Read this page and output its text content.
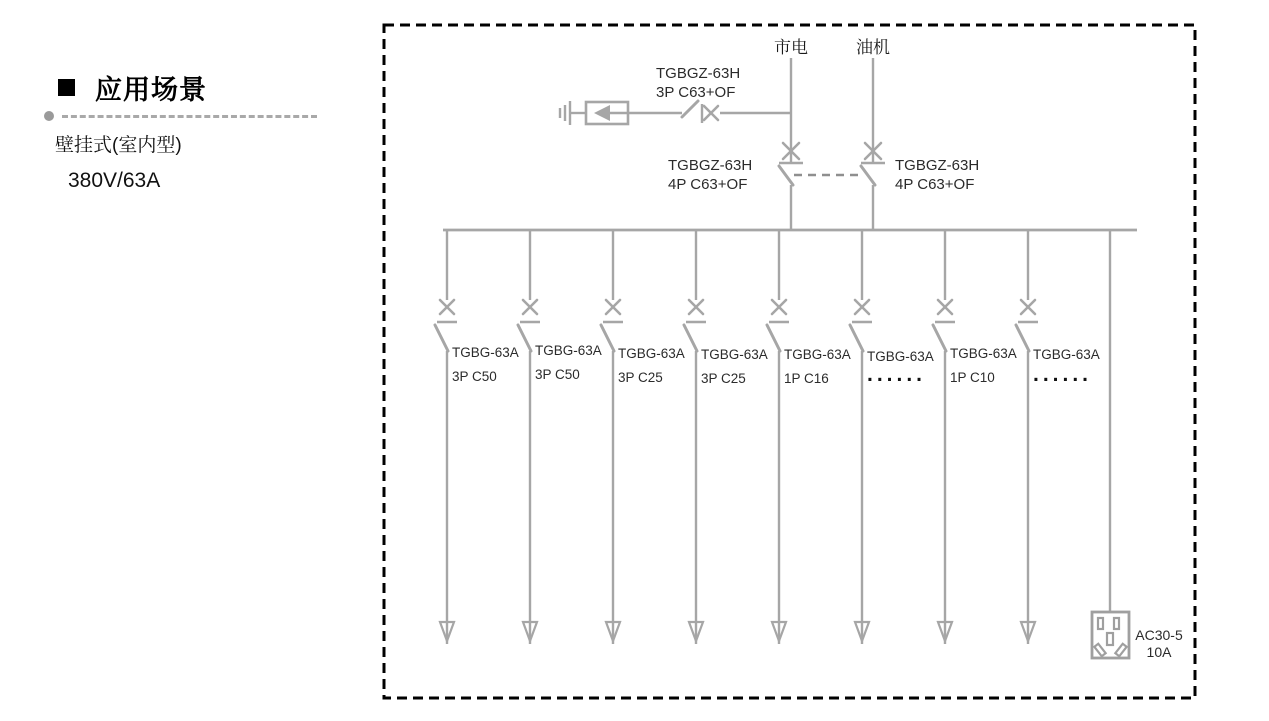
应用场景
壁挂式(室内型)
380V/63A
TGBGZ-63H
3P C63+OF
市电
TGBGZ-63H
4P C63+OF
油机
TGBGZ-63H
4P C63+OF
TGBG-63A
3P C50
TGBG-63A
3P C50
TGBG-63A
3P C25
TGBG-63A
3P C25
TGBG-63A
1P C16
TGBG-63A
......
TGBG-63A
1P C10
TGBG-63A
......
AC30-5
10A
